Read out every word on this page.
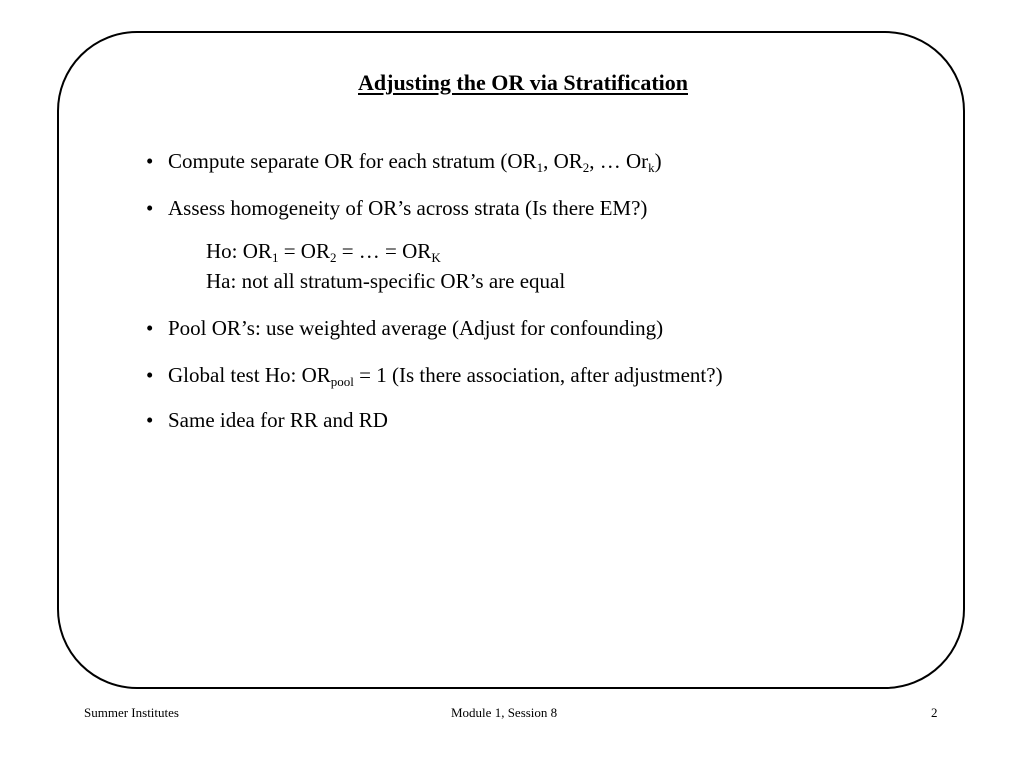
Adjusting the OR via Stratification
• Compute separate OR for each stratum ($OR_1$, $OR_2$, … $Or_k$)
• Assess homogeneity of OR’s across strata (Is there EM?)
Ho: $OR_1 = OR_2$ = … = $OR_K$
Ha: not all stratum-specific OR’s are equal
• Pool OR’s: use weighted average (Adjust for confounding)
• Global test Ho: $OR_{pool} = 1$ (Is there association, after adjustment?)
• Same idea for RR and RD
Summer Institutes	Module 1, Session 8	2
